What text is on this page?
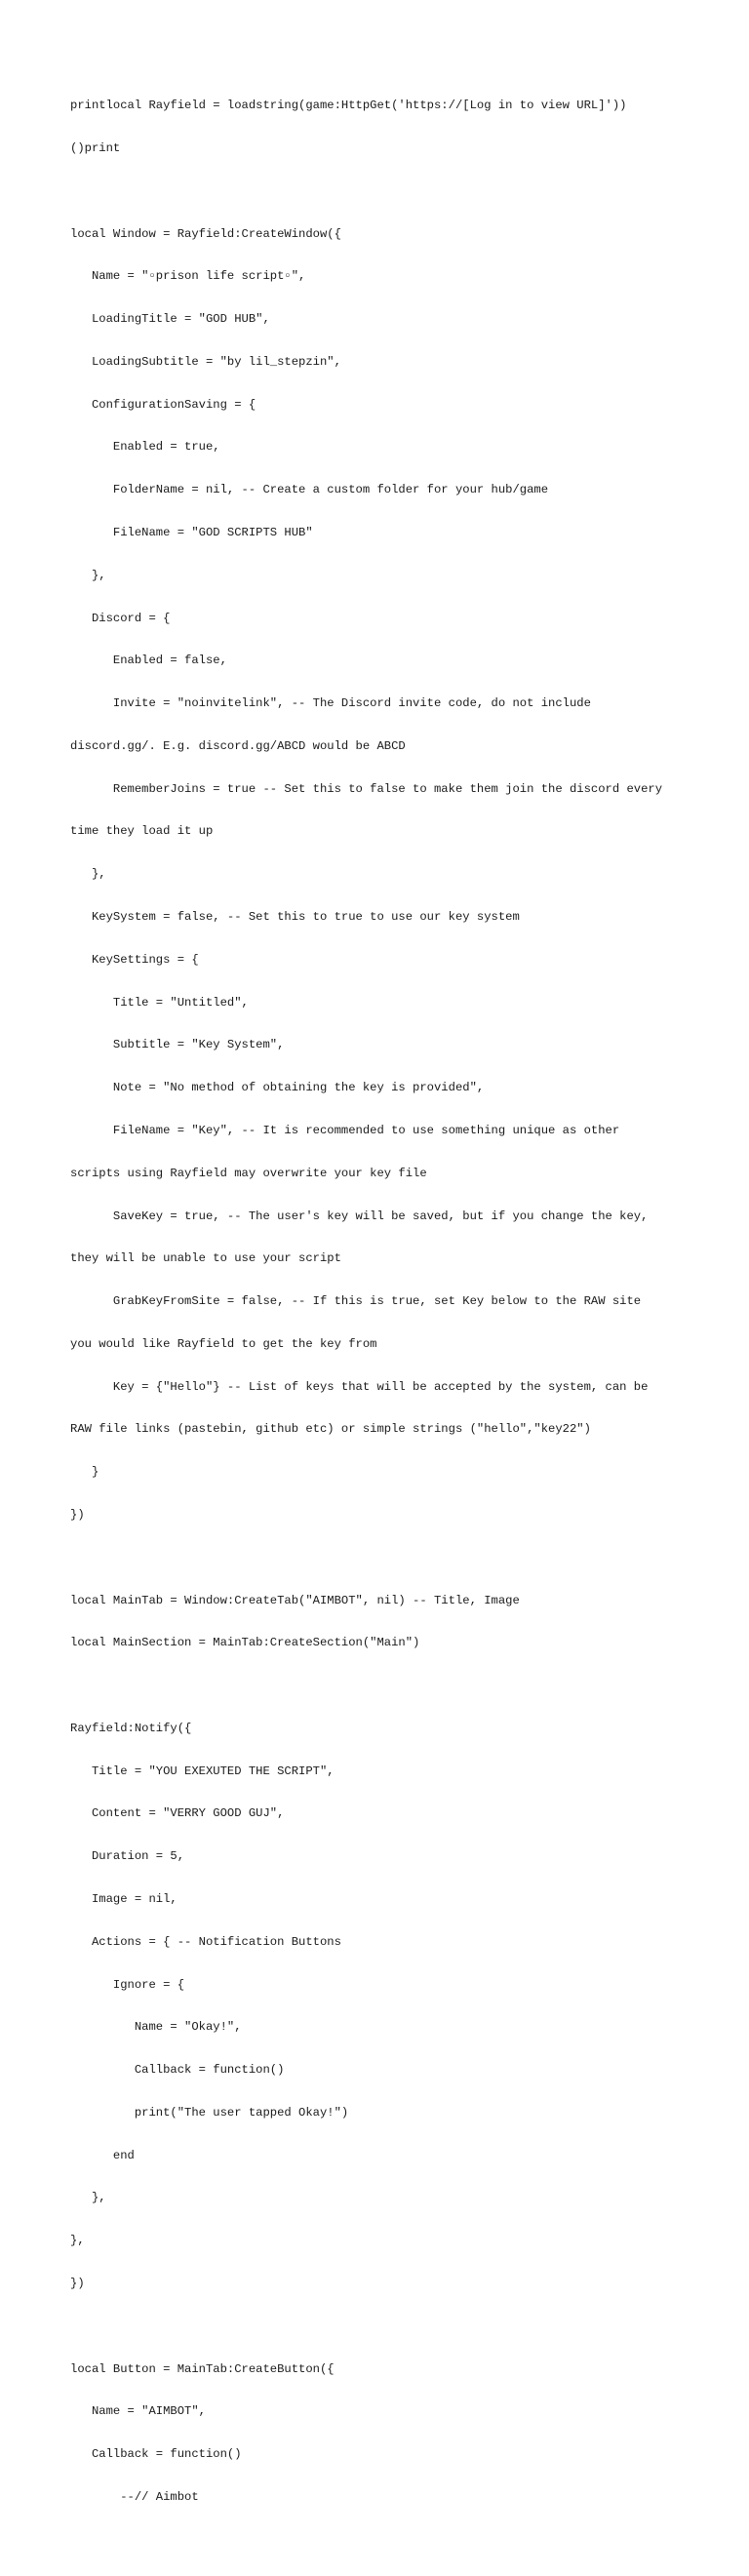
printlocal Rayfield = loadstring(game:HttpGet('https://[Log in to view URL]'))

()print

local Window = Rayfield:CreateWindow({

Name = "▫prison life script▫",

LoadingTitle = "GOD HUB",

LoadingSubtitle = "by lil_stepzin",

ConfigurationSaving = {

Enabled = true,

FolderName = nil, -- Create a custom folder for your hub/game

FileName = "GOD SCRIPTS HUB"

},

Discord = {

Enabled = false,

Invite = "noinvitelink", -- The Discord invite code, do not include

discord.gg/. E.g. discord.gg/ABCD would be ABCD

RememberJoins = true -- Set this to false to make them join the discord every

time they load it up

},

KeySystem = false, -- Set this to true to use our key system

KeySettings = {

Title = "Untitled",

Subtitle = "Key System",

Note = "No method of obtaining the key is provided",

FileName = "Key", -- It is recommended to use something unique as other

scripts using Rayfield may overwrite your key file

SaveKey = true, -- The user's key will be saved, but if you change the key,

they will be unable to use your script

GrabKeyFromSite = false, -- If this is true, set Key below to the RAW site

you would like Rayfield to get the key from

Key = {"Hello"} -- List of keys that will be accepted by the system, can be

RAW file links (pastebin, github etc) or simple strings ("hello","key22")

}

})

local MainTab = Window:CreateTab("AIMBOT", nil) -- Title, Image

local MainSection = MainTab:CreateSection("Main")

Rayfield:Notify({

Title = "YOU EXEXUTED THE SCRIPT",

Content = "VERRY GOOD GUJ",

Duration = 5,

Image = nil,

Actions = { -- Notification Buttons

Ignore = {

Name = "Okay!",

Callback = function()

print("The user tapped Okay!")

end

},

},

})

local Button = MainTab:CreateButton({

Name = "AIMBOT",

Callback = function()

--// Aimbot
